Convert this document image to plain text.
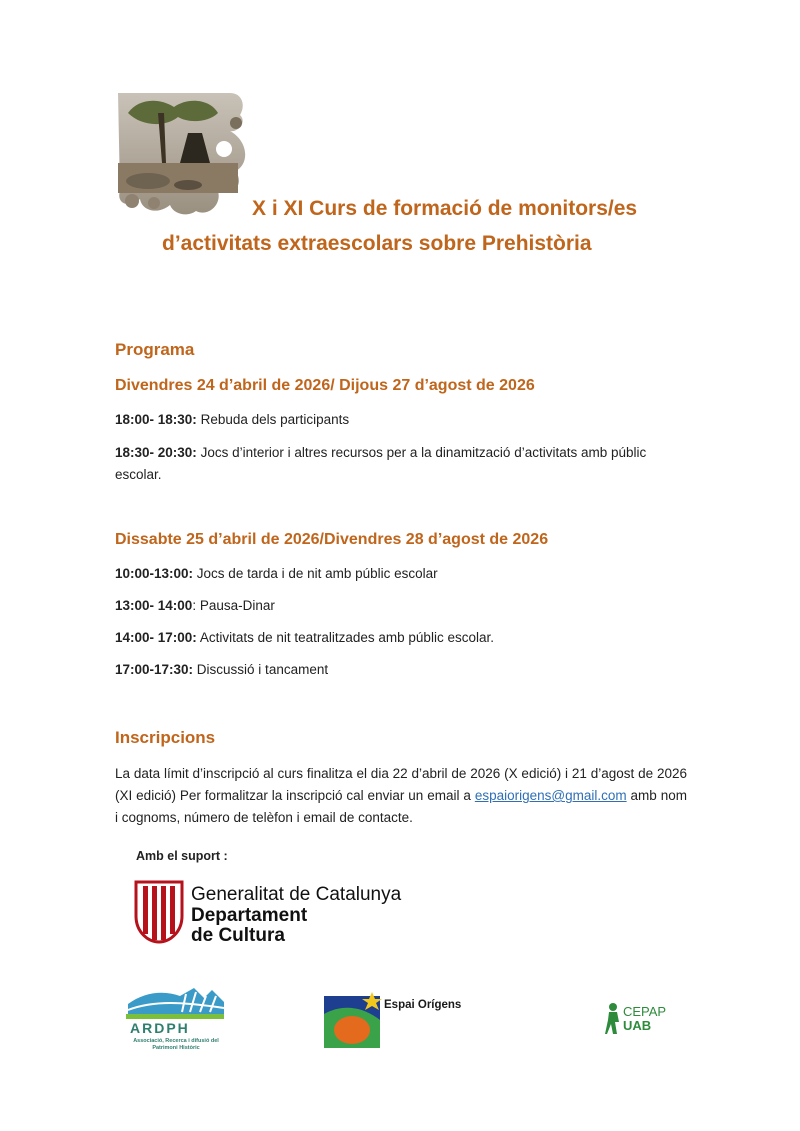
X i XI Curs de formació de monitors/es
d’activitats extraescolars sobre Prehistòria
Programa
Divendres 24 d’abril de 2026/ Dijous 27 d’agost de 2026
18:00- 18:30: Rebuda dels participants
18:30- 20:30: Jocs d’interior i altres recursos per a la dinamització d’activitats amb públic escolar.
Dissabte 25 d’abril de 2026/Divendres 28 d’agost de 2026
10:00-13:00: Jocs de tarda i de nit amb públic escolar
13:00- 14:00: Pausa-Dinar
14:00- 17:00: Activitats de nit teatralitzades amb públic escolar.
17:00-17:30: Discussió i tancament
Inscripcions
La data límit d’inscripció al curs finalitza el dia 22 d’abril de 2026 (X edició) i 21 d’agost de 2026 (XI edició) Per formalitzar la inscripció cal enviar un email a espaiorigens@gmail.com amb nom i cognoms, número de telèfon i email de contacte.
Amb el suport :
Generalitat de Catalunya
Departament
de Cultura
ARDPH
Associació, Recerca i difusió del Patrimoni Històric
Espai Orígens	CEPAP
UAB
